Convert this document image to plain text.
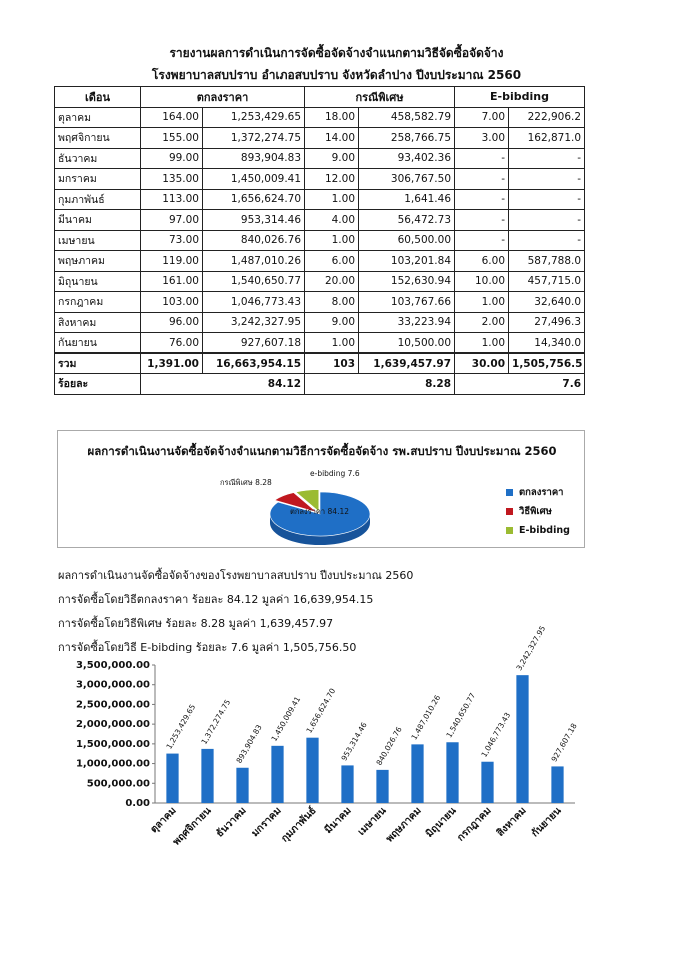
รายงานผลการดำเนินการจัดซื้อจัดจ้างจำแนกตามวิธีจัดซื้อจัดจ้าง
โรงพยาบาลสบปราบ อำเภอสบปราบ จังหวัดลำปาง ปีงบประมาณ 2560
เดือน	ตกลงราคา		กรณีพิเศษ		E-bibding	
ตุลาคม	164.00	1,253,429.65	18.00	458,582.79	7.00	222,906.2
พฤศจิกายน	155.00	1,372,274.75	14.00	258,766.75	3.00	162,871.0
ธันวาคม	99.00	893,904.83	9.00	93,402.36	-	-
มกราคม	135.00	1,450,009.41	12.00	306,767.50	-	-
กุมภาพันธ์	113.00	1,656,624.70	1.00	1,641.46	-	-
มีนาคม	97.00	953,314.46	4.00	56,472.73	-	-
เมษายน	73.00	840,026.76	1.00	60,500.00	-	-
พฤษภาคม	119.00	1,487,010.26	6.00	103,201.84	6.00	587,788.0
มิถุนายน	161.00	1,540,650.77	20.00	152,630.94	10.00	457,715.0
กรกฎาคม	103.00	1,046,773.43	8.00	103,767.66	1.00	32,640.0
สิงหาคม	96.00	3,242,327.95	9.00	33,223.94	2.00	27,496.3
กันยายน	76.00	927,607.18	1.00	10,500.00	1.00	14,340.0
รวม	1,391.00	16,663,954.15	103	1,639,457.97	30.00	1,505,756.5
ร้อยละ	84.12		8.28		7.6	
ผลการดำเนินงานจัดซื้อจัดจ้างจำแนกตามวิธีการจัดซื้อจัดจ้าง รพ.สบปราบ ปีงบประมาณ 2560
กรณีพิเศษ 8.28
e-bibding 7.6
ตกลงราคา 84.12
ตกลงราคา
วิธีพิเศษ
E-bibding
ผลการดำเนินงานจัดซื้อจัดจ้างของโรงพยาบาลสบปราบ ปีงบประมาณ 2560
การจัดซื้อโดยวิธีตกลงราคา ร้อยละ 84.12 มูลค่า 16,639,954.15
การจัดซื้อโดยวิธีพิเศษ ร้อยละ 8.28 มูลค่า 1,639,457.97
การจัดซื้อโดยวิธี E-bibding ร้อยละ 7.6 มูลค่า 1,505,756.50
0.00
500,000.00
1,000,000.00
1,500,000.00
2,000,000.00
2,500,000.00
3,000,000.00
3,500,000.00
1,253,429.65
ตุลาคม
1,372,274.75
พฤศจิกายน
893,904.83
ธันวาคม
1,450,009.41
มกราคม
1,656,624.70
กุมภาพันธ์
953,314.46
มีนาคม
840,026.76
เมษายน
1,487,010.26
พฤษภาคม
1,540,650.77
มิถุนายน
1,046,773.43
กรกฎาคม
3,242,327.95
สิงหาคม
927,607.18
กันยายน
